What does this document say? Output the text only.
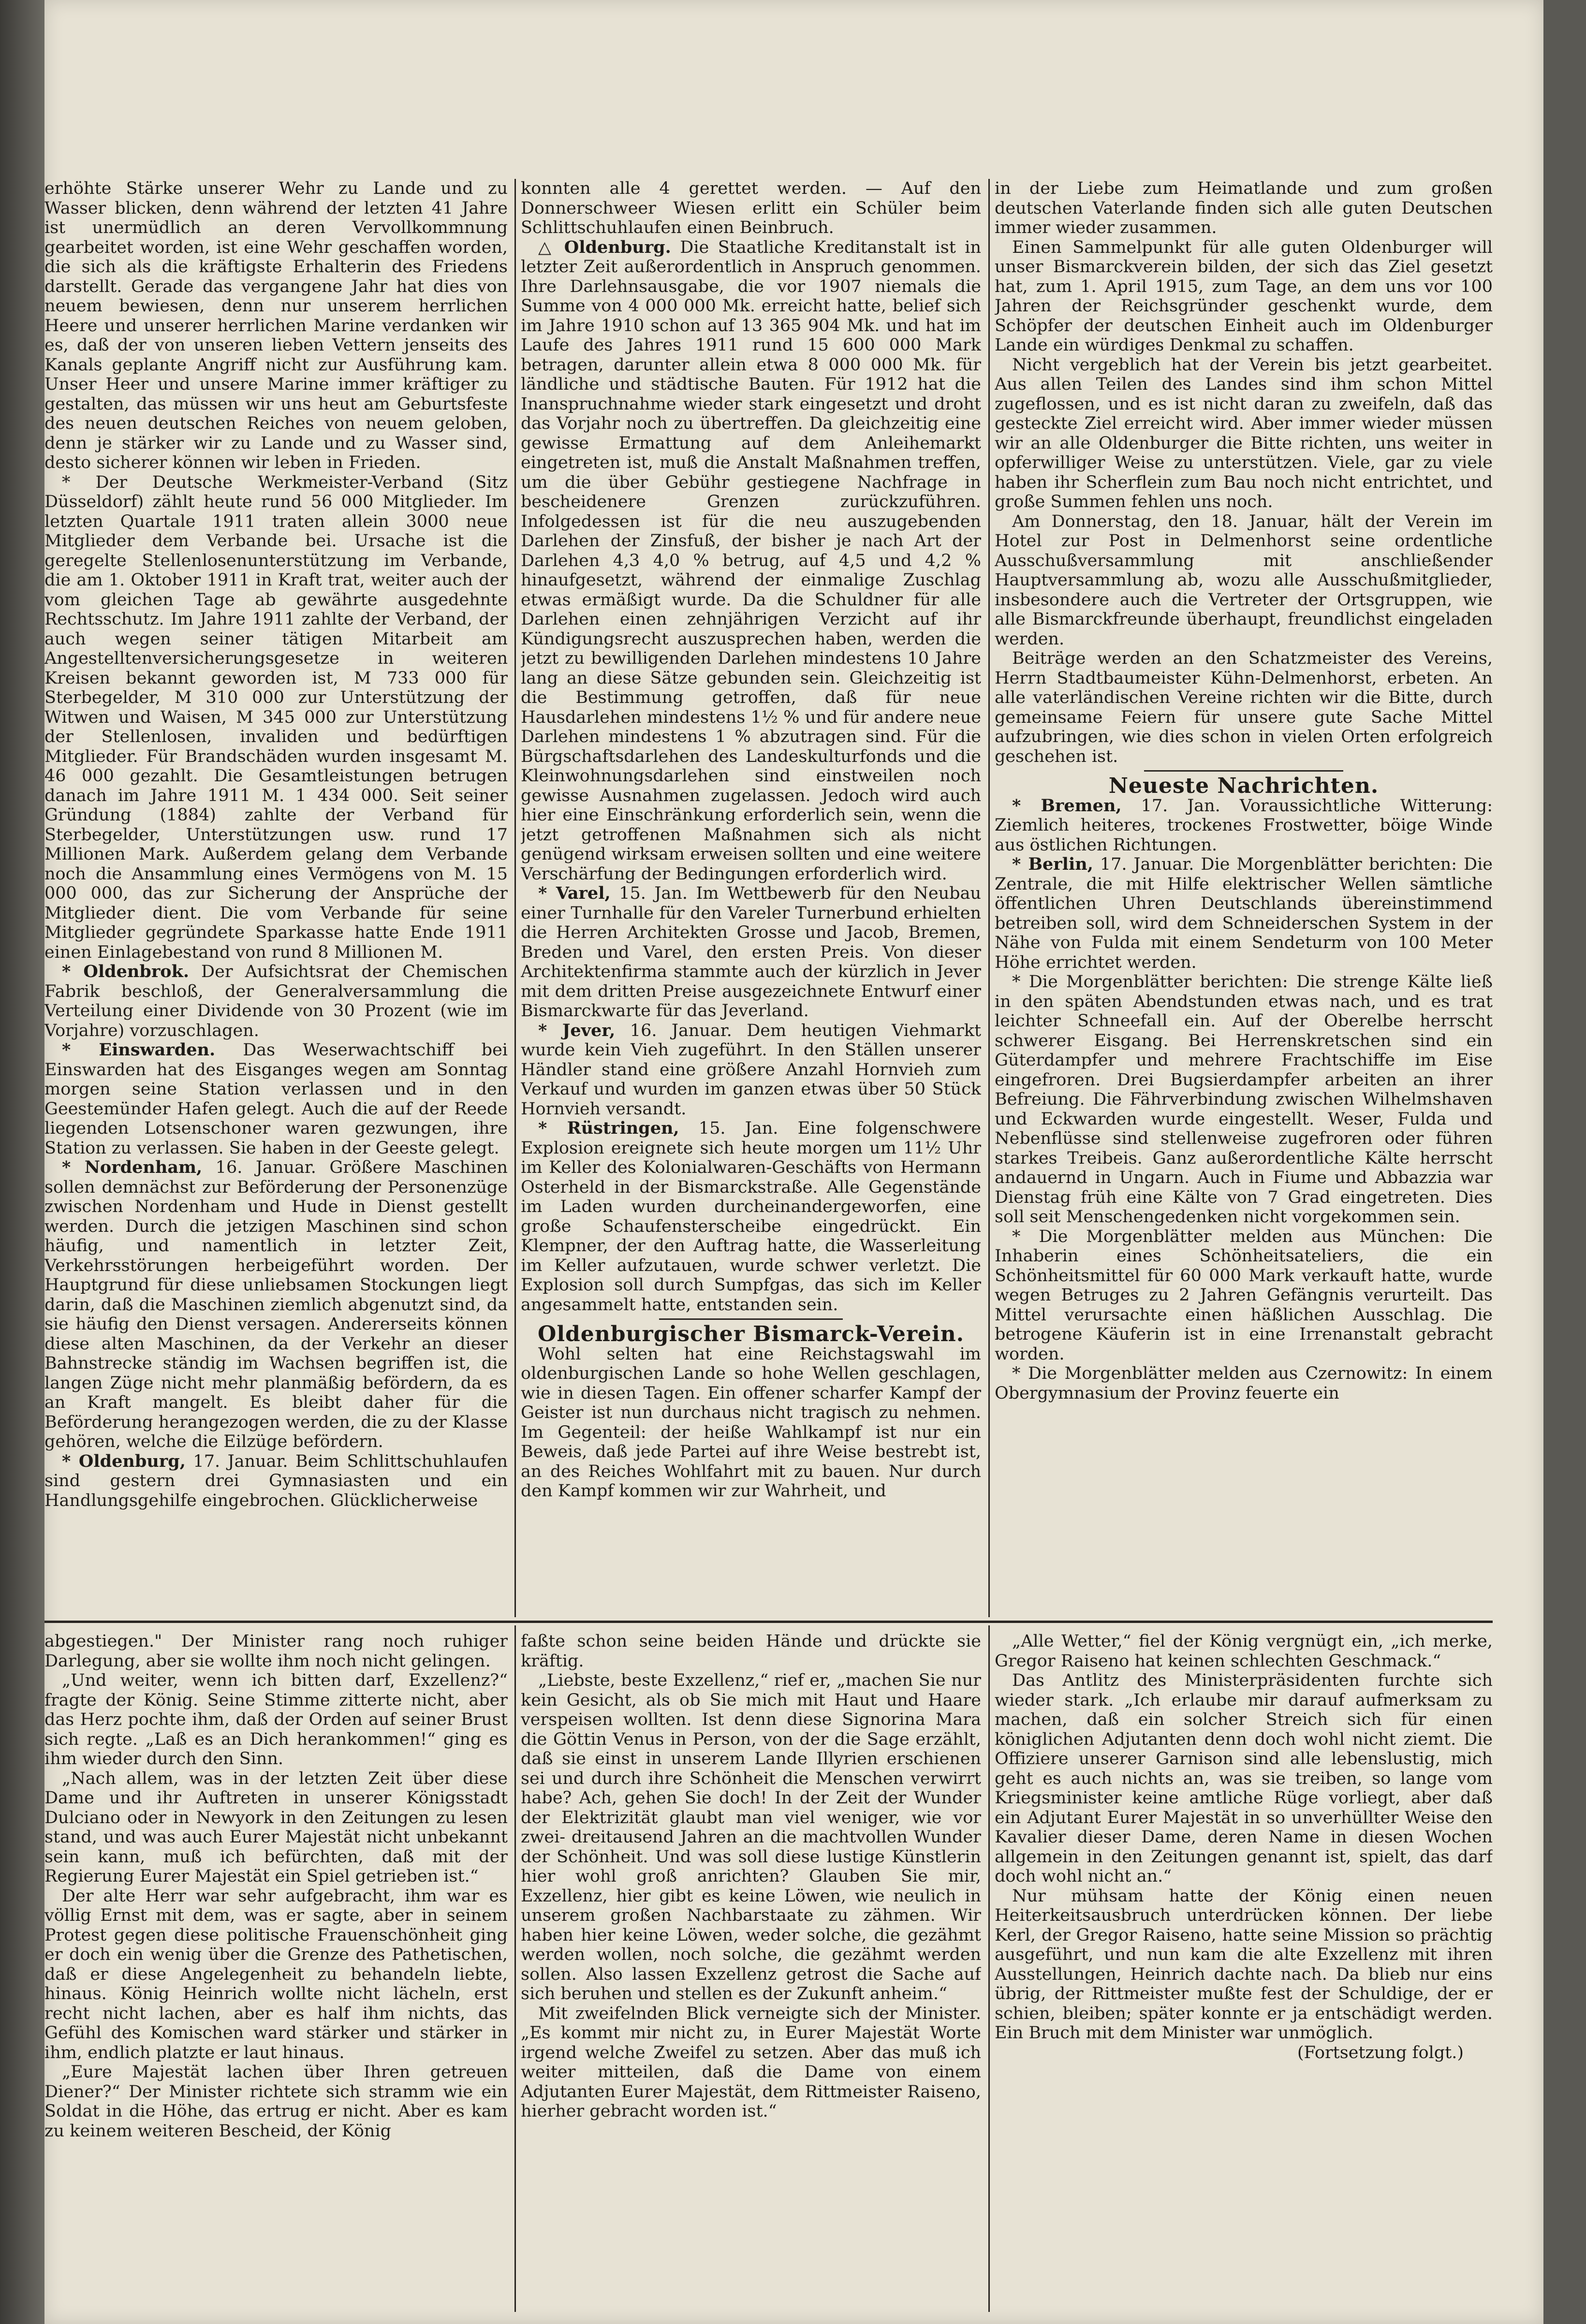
erhöhte Stärke unserer Wehr zu Lande und zu Wasser blicken, denn während der letzten 41 Jahre ist unermüdlich an deren Vervollkommnung gearbeitet worden, ist eine Wehr geschaffen worden, die sich als die kräftigste Erhalterin des Friedens darstellt. Gerade das vergangene Jahr hat dies von neuem bewiesen, denn nur unserem herrlichen Heere und unserer herrlichen Marine verdanken wir es, daß der von unseren lieben Vettern jenseits des Kanals geplante Angriff nicht zur Ausführung kam. Unser Heer und unsere Marine immer kräftiger zu gestalten, das müssen wir uns heut am Geburtsfeste des neuen deutschen Reiches von neuem geloben, denn je stärker wir zu Lande und zu Wasser sind, desto sicherer können wir leben in Frieden.

* Der Deutsche Werkmeister-Verband (Sitz Düsseldorf) zählt heute rund 56 000 Mitglieder. Im letzten Quartale 1911 traten allein 3000 neue Mitglieder dem Verbande bei. Ursache ist die geregelte Stellenlosenunterstützung im Verbande, die am 1. Oktober 1911 in Kraft trat, weiter auch der vom gleichen Tage ab gewährte ausgedehnte Rechtsschutz. Im Jahre 1911 zahlte der Verband, der auch wegen seiner tätigen Mitarbeit am Angestelltenversicherungsgesetze in weiteren Kreisen bekannt geworden ist, M 733 000 für Sterbegelder, M 310 000 zur Unterstützung der Witwen und Waisen, M 345 000 zur Unterstützung der Stellenlosen, invaliden und bedürftigen Mitglieder. Für Brandschäden wurden insgesamt M. 46 000 gezahlt. Die Gesamtleistungen betrugen danach im Jahre 1911 M. 1 434 000. Seit seiner Gründung (1884) zahlte der Verband für Sterbegelder, Unterstützungen usw. rund 17 Millionen Mark. Außerdem gelang dem Verbande noch die Ansammlung eines Vermögens von M. 15 000 000, das zur Sicherung der Ansprüche der Mitglieder dient. Die vom Verbande für seine Mitglieder gegründete Sparkasse hatte Ende 1911 einen Einlagebestand von rund 8 Millionen M.

* Oldenbrok. Der Aufsichtsrat der Chemischen Fabrik beschloß, der Generalversammlung die Verteilung einer Dividende von 30 Prozent (wie im Vorjahre) vorzuschlagen.

* Einswarden. Das Weserwachtschiff bei Einswarden hat des Eisganges wegen am Sonntag morgen seine Station verlassen und in den Geestemünder Hafen gelegt. Auch die auf der Reede liegenden Lotsenschoner waren gezwungen, ihre Station zu verlassen. Sie haben in der Geeste gelegt.

* Nordenham, 16. Januar. Größere Maschinen sollen demnächst zur Beförderung der Personenzüge zwischen Nordenham und Hude in Dienst gestellt werden. Durch die jetzigen Maschinen sind schon häufig, und namentlich in letzter Zeit, Verkehrsstörungen herbeigeführt worden. Der Hauptgrund für diese unliebsamen Stockungen liegt darin, daß die Maschinen ziemlich abgenutzt sind, da sie häufig den Dienst versagen. Andererseits können diese alten Maschinen, da der Verkehr an dieser Bahnstrecke ständig im Wachsen begriffen ist, die langen Züge nicht mehr planmäßig befördern, da es an Kraft mangelt. Es bleibt daher für die Beförderung herangezogen werden, die zu der Klasse gehören, welche die Eilzüge befördern.

* Oldenburg, 17. Januar. Beim Schlittschuhlaufen sind gestern drei Gymnasiasten und ein Handlungsgehilfe eingebrochen. Glücklicherweise

konnten alle 4 gerettet werden. — Auf den Donnerschweer Wiesen erlitt ein Schüler beim Schlittschuhlaufen einen Beinbruch.

△ Oldenburg. Die Staatliche Kreditanstalt ist in letzter Zeit außerordentlich in Anspruch genommen. Ihre Darlehnsausgabe, die vor 1907 niemals die Summe von 4 000 000 Mk. erreicht hatte, belief sich im Jahre 1910 schon auf 13 365 904 Mk. und hat im Laufe des Jahres 1911 rund 15 600 000 Mark betragen, darunter allein etwa 8 000 000 Mk. für ländliche und städtische Bauten. Für 1912 hat die Inanspruchnahme wieder stark eingesetzt und droht das Vorjahr noch zu übertreffen. Da gleichzeitig eine gewisse Ermattung auf dem Anleihemarkt eingetreten ist, muß die Anstalt Maßnahmen treffen, um die über Gebühr gestiegene Nachfrage in bescheidenere Grenzen zurückzuführen. Infolgedessen ist für die neu auszugebenden Darlehen der Zinsfuß, der bisher je nach Art der Darlehen 4,3 4,0 % betrug, auf 4,5 und 4,2 % hinaufgesetzt, während der einmalige Zuschlag etwas ermäßigt wurde. Da die Schuldner für alle Darlehen einen zehnjährigen Verzicht auf ihr Kündigungsrecht auszusprechen haben, werden die jetzt zu bewilligenden Darlehen mindestens 10 Jahre lang an diese Sätze gebunden sein. Gleichzeitig ist die Bestimmung getroffen, daß für neue Hausdarlehen mindestens 1½ % und für andere neue Darlehen mindestens 1 % abzutragen sind. Für die Bürgschaftsdarlehen des Landeskulturfonds und die Kleinwohnungsdarlehen sind einstweilen noch gewisse Ausnahmen zugelassen. Jedoch wird auch hier eine Einschränkung erforderlich sein, wenn die jetzt getroffenen Maßnahmen sich als nicht genügend wirksam erweisen sollten und eine weitere Verschärfung der Bedingungen erforderlich wird.

* Varel, 15. Jan. Im Wettbewerb für den Neubau einer Turnhalle für den Vareler Turnerbund erhielten die Herren Architekten Grosse und Jacob, Bremen, Breden und Varel, den ersten Preis. Von dieser Architektenfirma stammte auch der kürzlich in Jever mit dem dritten Preise ausgezeichnete Entwurf einer Bismarckwarte für das Jeverland.

* Jever, 16. Januar. Dem heutigen Viehmarkt wurde kein Vieh zugeführt. In den Ställen unserer Händler stand eine größere Anzahl Hornvieh zum Verkauf und wurden im ganzen etwas über 50 Stück Hornvieh versandt.

* Rüstringen, 15. Jan. Eine folgenschwere Explosion ereignete sich heute morgen um 11½ Uhr im Keller des Kolonialwaren-Geschäfts von Hermann Osterheld in der Bismarckstraße. Alle Gegenstände im Laden wurden durcheinandergeworfen, eine große Schaufensterscheibe eingedrückt. Ein Klempner, der den Auftrag hatte, die Wasserleitung im Keller aufzutauen, wurde schwer verletzt. Die Explosion soll durch Sumpfgas, das sich im Keller angesammelt hatte, entstanden sein.

Oldenburgischer Bismarck-Verein.

Wohl selten hat eine Reichstagswahl im oldenburgischen Lande so hohe Wellen geschlagen, wie in diesen Tagen. Ein offener scharfer Kampf der Geister ist nun durchaus nicht tragisch zu nehmen. Im Gegenteil: der heiße Wahlkampf ist nur ein Beweis, daß jede Partei auf ihre Weise bestrebt ist, an des Reiches Wohlfahrt mit zu bauen. Nur durch den Kampf kommen wir zur Wahrheit, und

in der Liebe zum Heimatlande und zum großen deutschen Vaterlande finden sich alle guten Deutschen immer wieder zusammen.

Einen Sammelpunkt für alle guten Oldenburger will unser Bismarckverein bilden, der sich das Ziel gesetzt hat, zum 1. April 1915, zum Tage, an dem uns vor 100 Jahren der Reichsgründer geschenkt wurde, dem Schöpfer der deutschen Einheit auch im Oldenburger Lande ein würdiges Denkmal zu schaffen.

Nicht vergeblich hat der Verein bis jetzt gearbeitet. Aus allen Teilen des Landes sind ihm schon Mittel zugeflossen, und es ist nicht daran zu zweifeln, daß das gesteckte Ziel erreicht wird. Aber immer wieder müssen wir an alle Oldenburger die Bitte richten, uns weiter in opferwilliger Weise zu unterstützen. Viele, gar zu viele haben ihr Scherflein zum Bau noch nicht entrichtet, und große Summen fehlen uns noch.

Am Donnerstag, den 18. Januar, hält der Verein im Hotel zur Post in Delmenhorst seine ordentliche Ausschußversammlung mit anschließender Hauptversammlung ab, wozu alle Ausschußmitglieder, insbesondere auch die Vertreter der Ortsgruppen, wie alle Bismarckfreunde überhaupt, freundlichst eingeladen werden.

Beiträge werden an den Schatzmeister des Vereins, Herrn Stadtbaumeister Kühn-Delmenhorst, erbeten. An alle vaterländischen Vereine richten wir die Bitte, durch gemeinsame Feiern für unsere gute Sache Mittel aufzubringen, wie dies schon in vielen Orten erfolgreich geschehen ist.

Neueste Nachrichten.

* Bremen, 17. Jan. Voraussichtliche Witterung: Ziemlich heiteres, trockenes Frostwetter, böige Winde aus östlichen Richtungen.

* Berlin, 17. Januar. Die Morgenblätter berichten: Die Zentrale, die mit Hilfe elektrischer Wellen sämtliche öffentlichen Uhren Deutschlands übereinstimmend betreiben soll, wird dem Schneiderschen System in der Nähe von Fulda mit einem Sendeturm von 100 Meter Höhe errichtet werden.

* Die Morgenblätter berichten: Die strenge Kälte ließ in den späten Abendstunden etwas nach, und es trat leichter Schneefall ein. Auf der Oberelbe herrscht schwerer Eisgang. Bei Herrenskretschen sind ein Güterdampfer und mehrere Frachtschiffe im Eise eingefroren. Drei Bugsierdampfer arbeiten an ihrer Befreiung. Die Fährverbindung zwischen Wilhelmshaven und Eckwarden wurde eingestellt. Weser, Fulda und Nebenflüsse sind stellenweise zugefroren oder führen starkes Treibeis. Ganz außerordentliche Kälte herrscht andauernd in Ungarn. Auch in Fiume und Abbazzia war Dienstag früh eine Kälte von 7 Grad eingetreten. Dies soll seit Menschengedenken nicht vorgekommen sein.

* Die Morgenblätter melden aus München: Die Inhaberin eines Schönheitsateliers, die ein Schönheitsmittel für 60 000 Mark verkauft hatte, wurde wegen Betruges zu 2 Jahren Gefängnis verurteilt. Das Mittel verursachte einen häßlichen Ausschlag. Die betrogene Käuferin ist in eine Irrenanstalt gebracht worden.

* Die Morgenblätter melden aus Czernowitz: In einem Obergymnasium der Provinz feuerte ein

abgestiegen." Der Minister rang noch ruhiger Darlegung, aber sie wollte ihm noch nicht gelingen.

„Und weiter, wenn ich bitten darf, Exzellenz?“ fragte der König. Seine Stimme zitterte nicht, aber das Herz pochte ihm, daß der Orden auf seiner Brust sich regte. „Laß es an Dich herankommen!“ ging es ihm wieder durch den Sinn.

„Nach allem, was in der letzten Zeit über diese Dame und ihr Auftreten in unserer Königsstadt Dulciano oder in Newyork in den Zeitungen zu lesen stand, und was auch Eurer Majestät nicht unbekannt sein kann, muß ich befürchten, daß mit der Regierung Eurer Majestät ein Spiel getrieben ist.“

Der alte Herr war sehr aufgebracht, ihm war es völlig Ernst mit dem, was er sagte, aber in seinem Protest gegen diese politische Frauenschönheit ging er doch ein wenig über die Grenze des Pathetischen, daß er diese Angelegenheit zu behandeln liebte, hinaus. König Heinrich wollte nicht lächeln, erst recht nicht lachen, aber es half ihm nichts, das Gefühl des Komischen ward stärker und stärker in ihm, endlich platzte er laut hinaus.

„Eure Majestät lachen über Ihren getreuen Diener?“ Der Minister richtete sich stramm wie ein Soldat in die Höhe, das ertrug er nicht. Aber es kam zu keinem weiteren Bescheid, der König

faßte schon seine beiden Hände und drückte sie kräftig.

„Liebste, beste Exzellenz,“ rief er, „machen Sie nur kein Gesicht, als ob Sie mich mit Haut und Haare verspeisen wollten. Ist denn diese Signorina Mara die Göttin Venus in Person, von der die Sage erzählt, daß sie einst in unserem Lande Illyrien erschienen sei und durch ihre Schönheit die Menschen verwirrt habe? Ach, gehen Sie doch! In der Zeit der Wunder der Elektrizität glaubt man viel weniger, wie vor zwei- dreitausend Jahren an die machtvollen Wunder der Schönheit. Und was soll diese lustige Künstlerin hier wohl groß anrichten? Glauben Sie mir, Exzellenz, hier gibt es keine Löwen, wie neulich in unserem großen Nachbarstaate zu zähmen. Wir haben hier keine Löwen, weder solche, die gezähmt werden wollen, noch solche, die gezähmt werden sollen. Also lassen Exzellenz getrost die Sache auf sich beruhen und stellen es der Zukunft anheim.“

Mit zweifelnden Blick verneigte sich der Minister. „Es kommt mir nicht zu, in Eurer Majestät Worte irgend welche Zweifel zu setzen. Aber das muß ich weiter mitteilen, daß die Dame von einem Adjutanten Eurer Majestät, dem Rittmeister Raiseno, hierher gebracht worden ist.“

„Alle Wetter,“ fiel der König vergnügt ein, „ich merke, Gregor Raiseno hat keinen schlechten Geschmack.“

Das Antlitz des Ministerpräsidenten furchte sich wieder stark. „Ich erlaube mir darauf aufmerksam zu machen, daß ein solcher Streich sich für einen königlichen Adjutanten denn doch wohl nicht ziemt. Die Offiziere unserer Garnison sind alle lebenslustig, mich geht es auch nichts an, was sie treiben, so lange vom Kriegsminister keine amtliche Rüge vorliegt, aber daß ein Adjutant Eurer Majestät in so unverhüllter Weise den Kavalier dieser Dame, deren Name in diesen Wochen allgemein in den Zeitungen genannt ist, spielt, das darf doch wohl nicht an.“

Nur mühsam hatte der König einen neuen Heiterkeitsausbruch unterdrücken können. Der liebe Kerl, der Gregor Raiseno, hatte seine Mission so prächtig ausgeführt, und nun kam die alte Exzellenz mit ihren Ausstellungen, Heinrich dachte nach. Da blieb nur eins übrig, der Rittmeister mußte fest der Schuldige, der er schien, bleiben; später konnte er ja entschädigt werden. Ein Bruch mit dem Minister war unmöglich.

(Fortsetzung folgt.)
